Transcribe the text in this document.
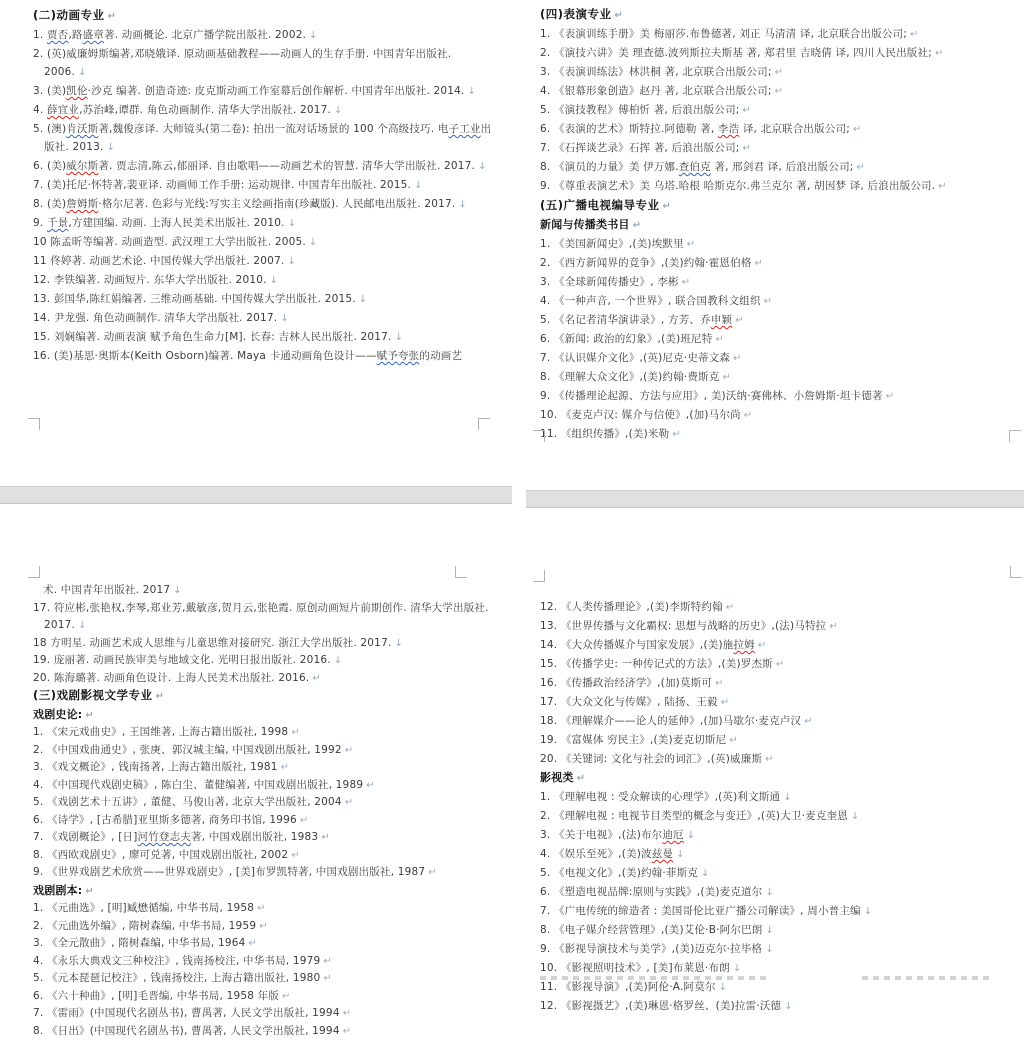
(二)动画专业 ↵
1. 贾否,路盛章著. 动画概论. 北京广播学院出版社. 2002. ↓
2. (英)威廉姆斯编著,邓晓娥译. 原动画基础教程——动画人的生存手册. 中国青年出版社. 2006. ↓
3. (美)凯伦·沙克 编著. 创造奇迹: 皮克斯动画工作室幕后创作解析. 中国青年出版社. 2014. ↓
4. 薛宜业,苏治峰,谭群. 角色动画制作. 清华大学出版社. 2017. ↓
5. (澳)肯沃斯著,魏俊彦译. 大师镜头(第二卷): 拍出一流对话场景的 100 个高级技巧. 电子工业出版社. 2013. ↓
6. (美)威尔斯著. 贾志清,陈云,郁丽译. 自由歌唱——动画艺术的智慧. 清华大学出版社. 2017. ↓
7. (美)托尼·怀特著,裴亚译. 动画师工作手册: 运动规律. 中国青年出版社. 2015. ↓
8. (美)詹姆斯·格尔尼著. 色彩与光线:写实主义绘画指南(珍藏版). 人民邮电出版社. 2017. ↓
9. 千景,方建国编. 动画. 上海人民美术出版社. 2010. ↓
10 陈孟昕等编著. 动画造型. 武汉理工大学出版社. 2005. ↓
11 佟婷著. 动画艺术论. 中国传媒大学出版社. 2007. ↓
12. 李铁编著. 动画短片. 东华大学出版社. 2010. ↓
13. 彭国华,陈红娟编著. 三维动画基础. 中国传媒大学出版社. 2015. ↓
14. 尹龙强. 角色动画制作. 清华大学出版社. 2017. ↓
15. 刘娴编著. 动画表演 赋予角色生命力[M]. 长春: 吉林人民出版社. 2017. ↓
16. (美)基思·奥斯本(Keith Osborn)编著. Maya 卡通动画角色设计——赋予夸张的动画艺
(四)表演专业 ↵
1. 《表演训练手册》美 梅丽莎.布鲁德著, 刘正 马清清 译, 北京联合出版公司; ↵
2. 《演技六讲》美 理查德.波列斯拉夫斯基 著, 郑君里 吉晓倩 译, 四川人民出版社; ↵
3. 《表演训练法》林洪桐 著, 北京联合出版公司; ↵
4. 《银幕形象创造》赵丹 著, 北京联合出版公司; ↵
5. 《演技教程》傅柏忻 著, 后浪出版公司; ↵
6. 《表演的艺术》斯特拉.阿德勒 著, 李浩 译, 北京联合出版公司; ↵
7. 《石挥谈艺录》石挥 著, 后浪出版公司; ↵
8. 《演员的力量》美 伊万娜.查伯克 著, 邢剑君 译, 后浪出版公司; ↵
9. 《尊重表演艺术》美 乌塔.哈根 哈斯克尔.弗兰克尔 著, 胡因梦 译, 后浪出版公司. ↵
(五)广播电视编导专业 ↵
新闻与传播类书目 ↵
1. 《美国新闻史》,(美)埃默里 ↵
2. 《西方新闻界的竞争》,(美)约翰·霍恩伯格 ↵
3. 《全球新闻传播史》, 李彬 ↵
4. 《一种声音, 一个世界》, 联合国教科文组织 ↵
5. 《名记者清华演讲录》, 方芳、乔申颖 ↵
6. 《新闻: 政治的幻象》,(美)班尼特 ↵
7. 《认识媒介文化》,(英)尼克·史蒂文森 ↵
8. 《理解大众文化》,(美)约翰·费斯克 ↵
9. 《传播理论起源、方法与应用》, 美)沃纳·赛佛林、小詹姆斯·坦卡德著 ↵
10. 《麦克卢汉: 媒介与信使》,(加)马尔尚 ↵
11. 《组织传播》,(美)米勒 ↵
术. 中国青年出版社. 2017 ↓
17. 符应彬,张艳权,李琴,郑业芳,戴敏彦,贺月云,张艳霞. 原创动画短片前期创作. 清华大学出版社. 2017. ↓
18 方明星. 动画艺术成人思维与儿童思维对接研究. 浙江大学出版社. 2017. ↓
19. 庞丽著. 动画民族审美与地域文化. 光明日报出版社. 2016. ↓
20. 陈海璐著. 动画角色设计. 上海人民美术出版社. 2016. ↵
(三)戏剧影视文学专业 ↵
戏剧史论: ↵
1. 《宋元戏曲史》, 王国维著, 上海古籍出版社, 1998 ↵
2. 《中国戏曲通史》, 张庚、郭汉城主编, 中国戏剧出版社, 1992 ↵
3. 《戏文概论》, 钱南扬著, 上海古籍出版社, 1981 ↵
4. 《中国现代戏剧史稿》, 陈白尘、董健编著, 中国戏剧出版社, 1989 ↵
5. 《戏剧艺术十五讲》, 董健、马俊山著, 北京大学出版社, 2004 ↵
6. 《诗学》, [古希腊]亚里斯多德著, 商务印书馆, 1996 ↵
7. 《戏剧概论》, [日]河竹登志夫著, 中国戏剧出版社, 1983 ↵
8. 《西欧戏剧史》, 廖可兑著, 中国戏剧出版社, 2002 ↵
9. 《世界戏剧艺术欣赏——世界戏剧史》, [美]布罗凯特著, 中国戏剧出版社, 1987 ↵
戏剧剧本: ↵
1. 《元曲选》, [明]臧懋循编, 中华书局, 1958 ↵
2. 《元曲选外编》, 隋树森编, 中华书局, 1959 ↵
3. 《全元散曲》, 隋树森编, 中华书局, 1964 ↵
4. 《永乐大典戏文三种校注》, 钱南扬校注, 中华书局, 1979 ↵
5. 《元本琵琶记校注》, 钱南扬校注, 上海古籍出版社, 1980 ↵
6. 《六十种曲》, [明]毛晋编, 中华书局, 1958 年版 ↵
7. 《雷雨》(中国现代名剧丛书), 曹禺著, 人民文学出版社, 1994 ↵
8. 《日出》(中国现代名剧丛书), 曹禺著, 人民文学出版社, 1994 ↵
12. 《人类传播理论》,(美)李斯特约翰 ↵
13. 《世界传播与文化霸权: 思想与战略的历史》,(法)马特拉 ↵
14. 《大众传播媒介与国家发展》,(美)施拉姆 ↵
15. 《传播学史: 一种传记式的方法》,(美)罗杰斯 ↵
16. 《传播政治经济学》,(加)莫斯可 ↵
17. 《大众文化与传媒》, 陆扬、王毅 ↵
18. 《理解媒介——论人的延伸》,(加)马歇尔·麦克卢汉 ↵
19. 《富媒体 穷民主》,(美)麦克切斯尼 ↵
20. 《关键词: 文化与社会的词汇》,(英)威廉斯 ↵
影视类 ↵
1. 《理解电视 : 受众解读的心理学》,(英)利文斯通 ↓
2. 《理解电视 : 电视节目类型的概念与变迁》,(英)大卫·麦克奎恩 ↓
3. 《关于电视》,(法)布尔迪厄 ↓
4. 《娱乐至死》,(美)波兹曼 ↓
5. 《电视文化》,(美)约翰·菲斯克 ↓
6. 《塑造电视品牌:原则与实践》,(美)麦克道尔 ↓
7. 《广电传统的缔造者 : 美国哥伦比亚广播公司解读》, 周小普主编 ↓
8. 《电子媒介经营管理》,(美)艾伦·B·阿尔巴朗 ↓
9. 《影视导演技术与美学》,(美)迈克尔·拉毕格 ↓
10. 《影视照明技术》, [美]布莱恩·布朗 ↓
11. 《影视导演》,(美)阿伦·A.阿莫尔 ↓
12. 《影视摄艺》,(美)琳恩·格罗丝、(美)拉雷·沃德 ↓
